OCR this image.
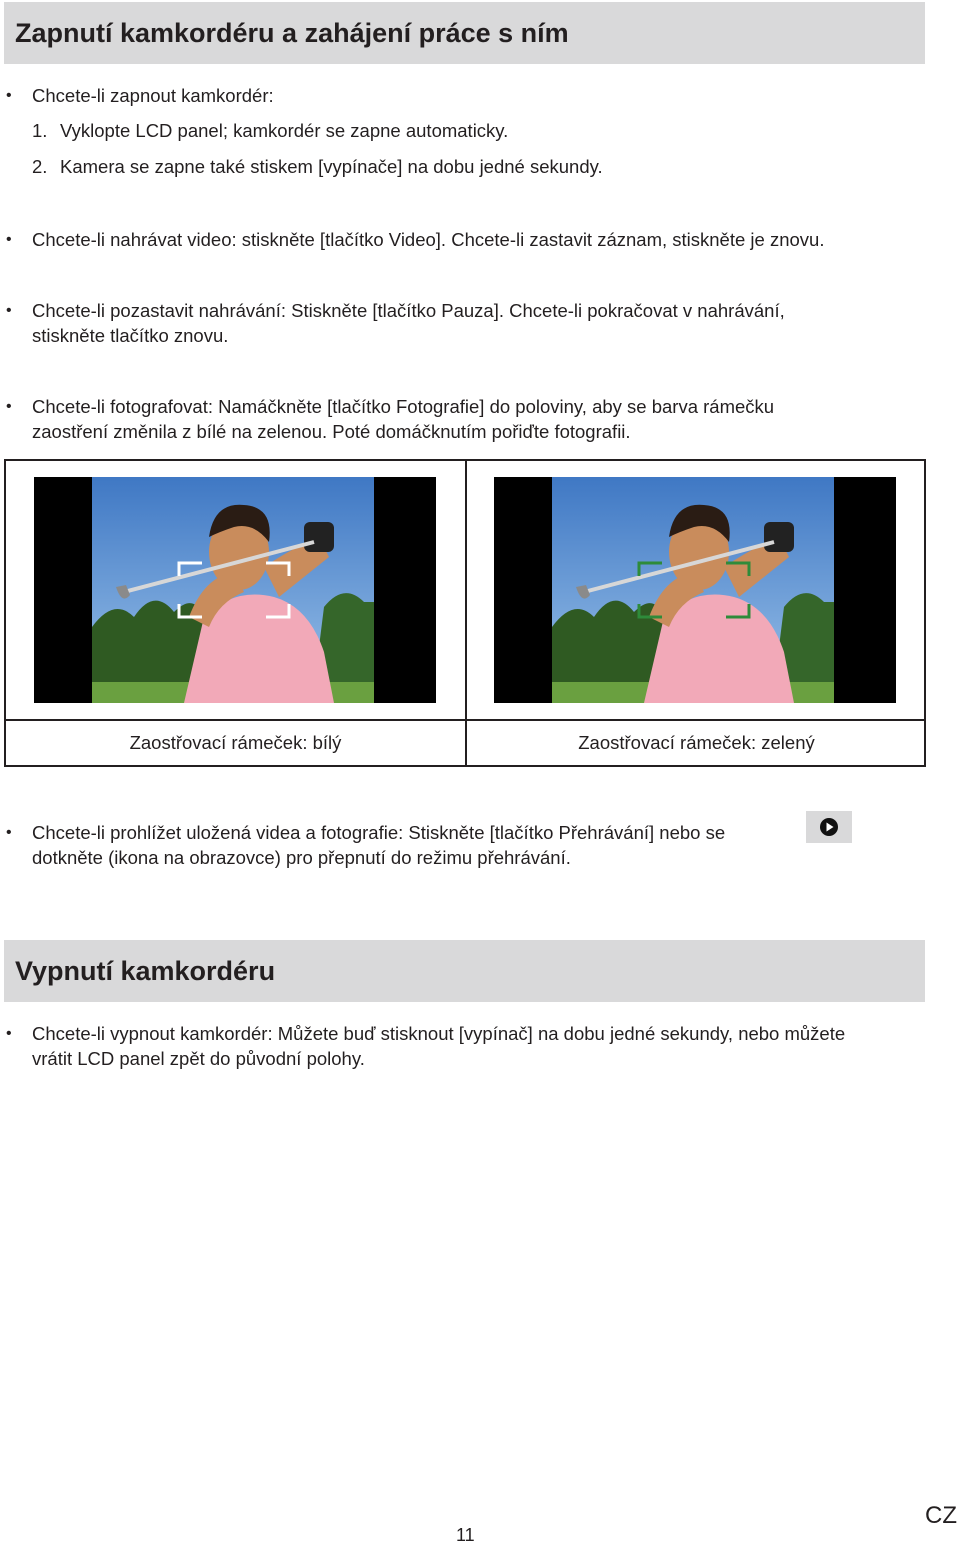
Zapnutí kamkordéru a zahájení práce s ním
• Chcete-li zapnout kamkordér:
1. Vyklopte LCD panel; kamkordér se zapne automaticky.
2. Kamera se zapne také stiskem [vypínače] na dobu jedné sekundy.
• Chcete-li nahrávat video: stiskněte [tlačítko Video]. Chcete-li zastavit záznam, stiskněte je znovu.
• Chcete-li pozastavit nahrávání: Stiskněte [tlačítko Pauza]. Chcete-li pokračovat v nahrávání,
stiskněte tlačítko znovu.
• Chcete-li fotografovat: Namáčkněte [tlačítko Fotografie] do poloviny, aby se barva rámečku
zaostření změnila z bílé na zelenou. Poté domáčknutím pořiďte fotografii.
Zaostřovací rámeček: bílý	Zaostřovací rámeček: zelený
• Chcete-li prohlížet uložená videa a fotografie: Stiskněte [tlačítko Přehrávání] nebo se
dotkněte (ikona na obrazovce) pro přepnutí do režimu přehrávání.
Vypnutí kamkordéru
• Chcete-li vypnout kamkordér: Můžete buď stisknout [vypínač] na dobu jedné sekundy, nebo můžete
vrátit LCD panel zpět do původní polohy.
11
CZ
